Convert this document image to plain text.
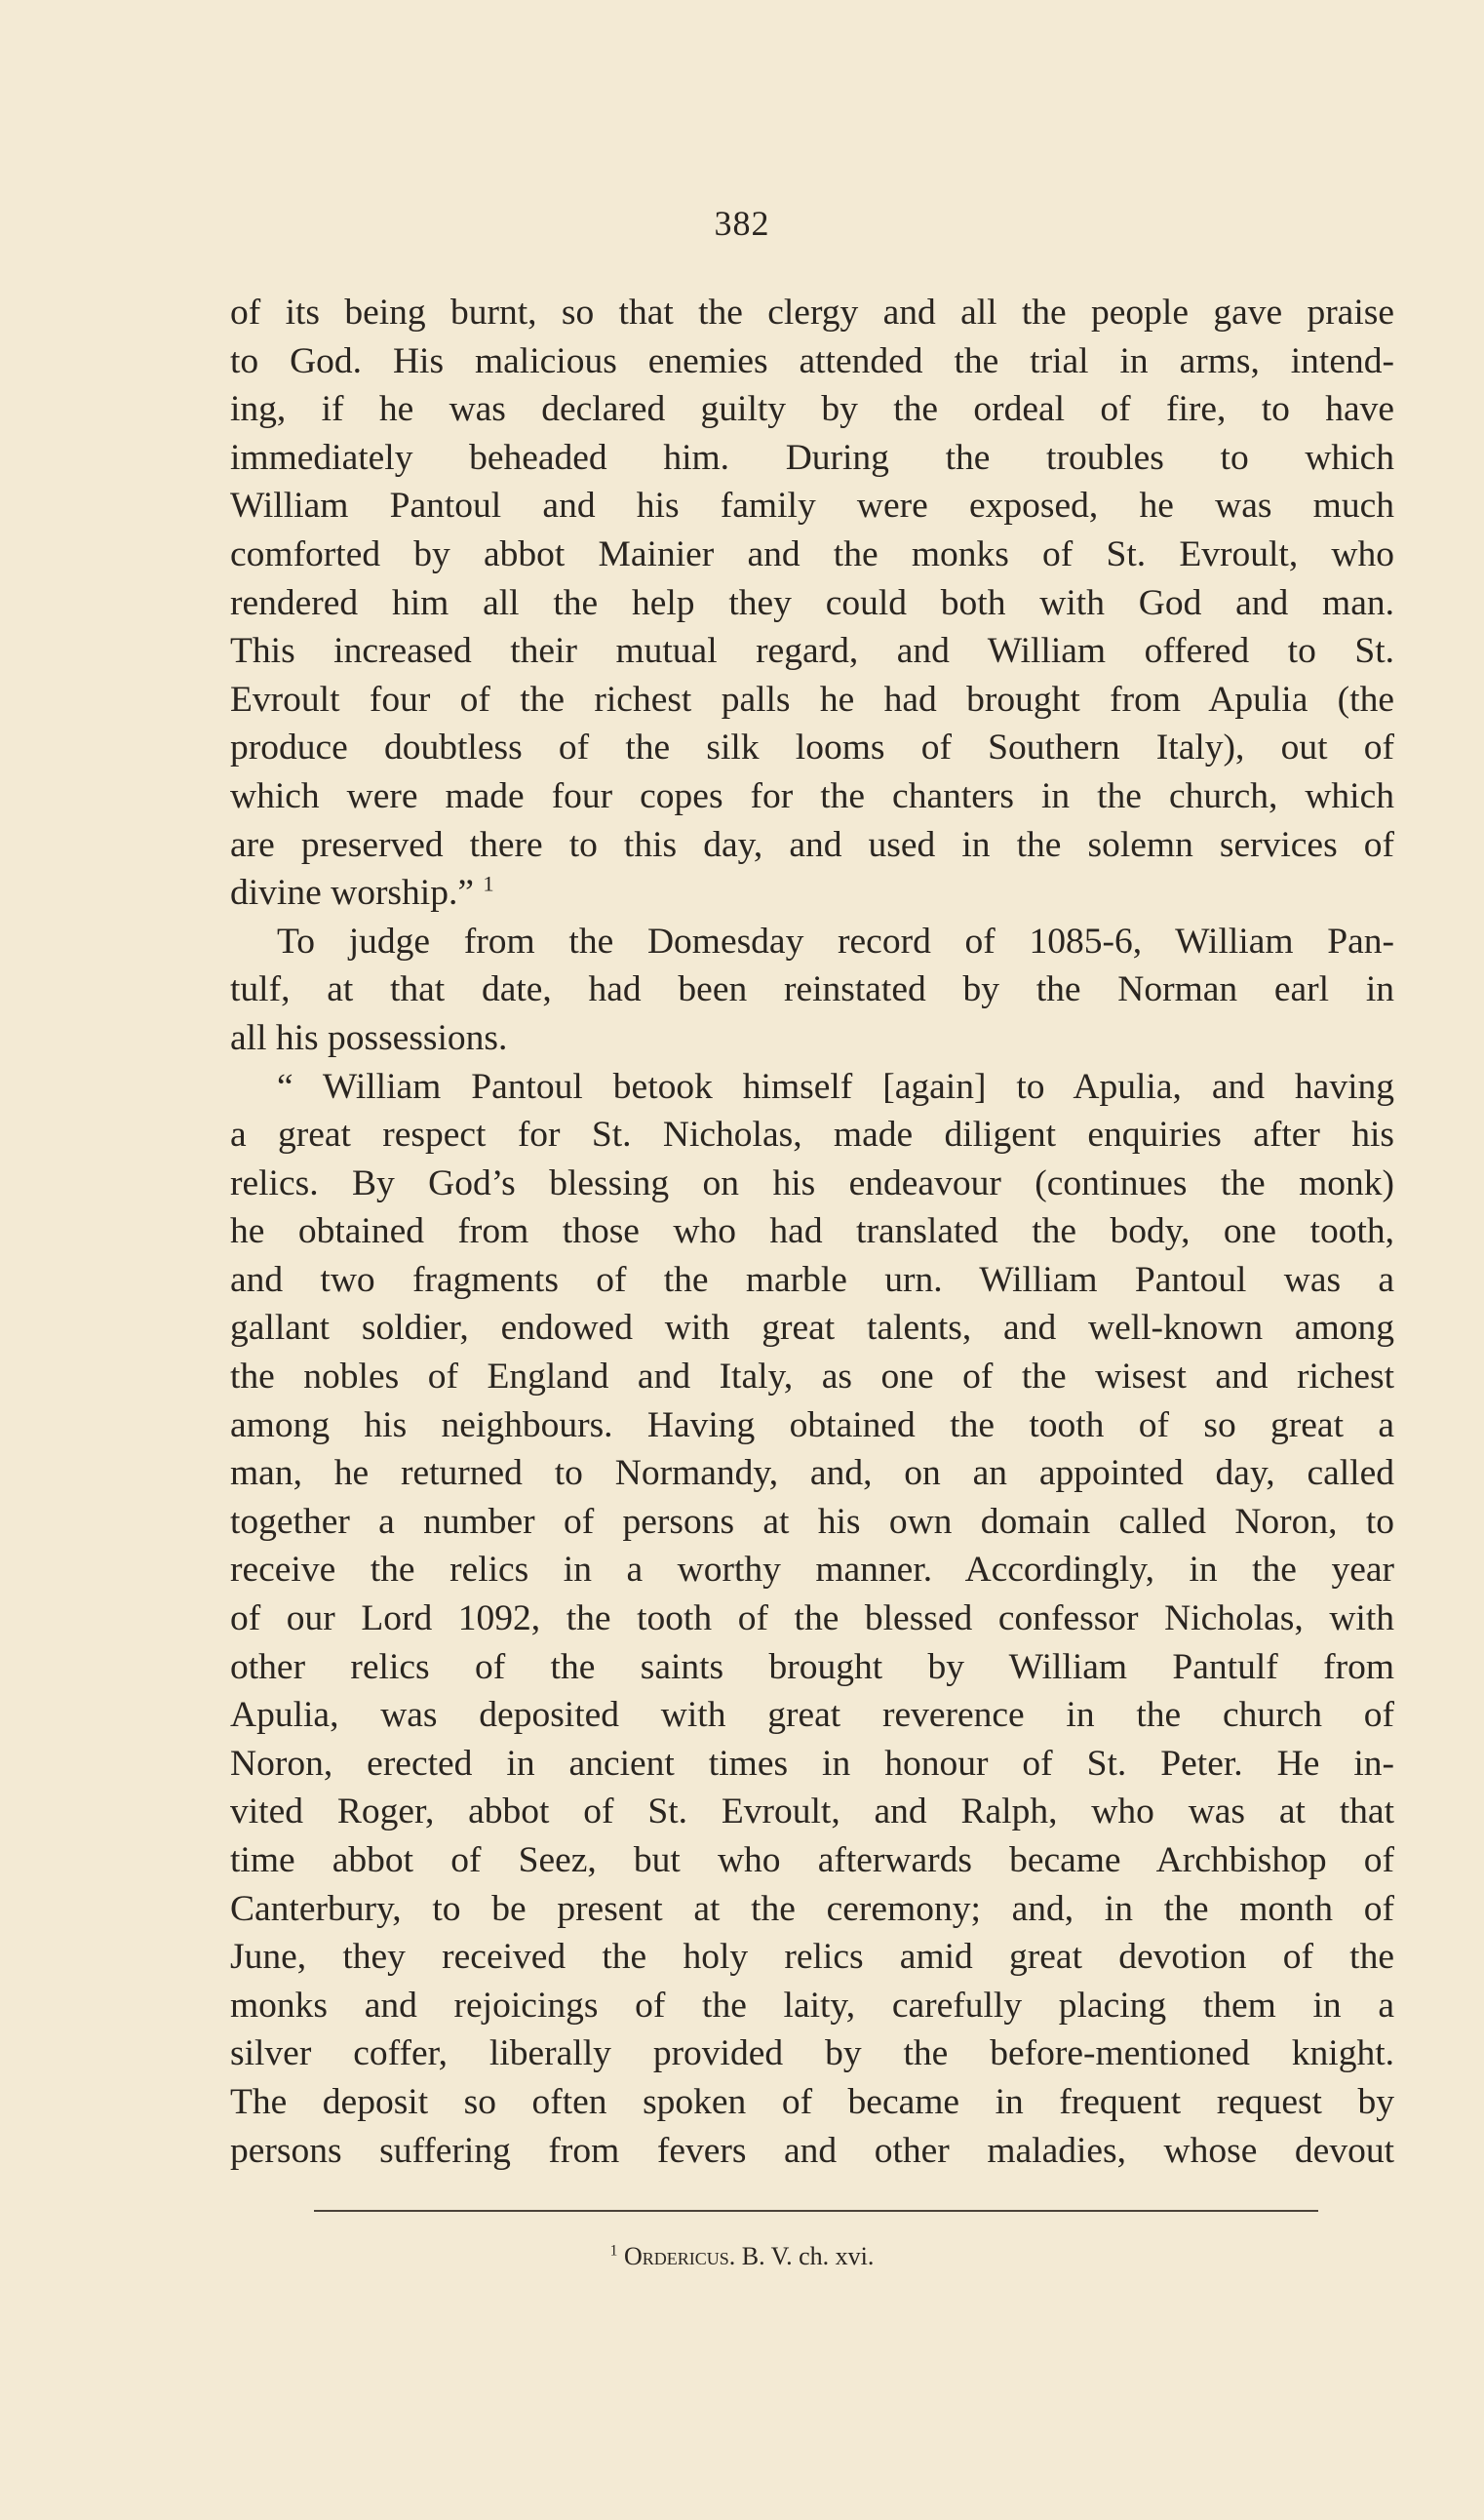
382
of its being burnt, so that the clergy and all the people gave praise
to God. His malicious enemies attended the trial in arms, intend-
ing, if he was declared guilty by the ordeal of fire, to have
immediately beheaded him. During the troubles to which
William Pantoul and his family were exposed, he was much
comforted by abbot Mainier and the monks of St. Evroult, who
rendered him all the help they could both with God and man.
This increased their mutual regard, and William offered to St.
Evroult four of the richest palls he had brought from Apulia (the
produce doubtless of the silk looms of Southern Italy), out of
which were made four copes for the chanters in the church, which
are preserved there to this day, and used in the solemn services of
divine worship.” $^1$
To judge from the Domesday record of 1085-6, William Pan-
tulf, at that date, had been reinstated by the Norman earl in
all his possessions.
“ William Pantoul betook himself [again] to Apulia, and having
a great respect for St. Nicholas, made diligent enquiries after his
relics. By God’s blessing on his endeavour (continues the monk)
he obtained from those who had translated the body, one tooth,
and two fragments of the marble urn. William Pantoul was a
gallant soldier, endowed with great talents, and well-known among
the nobles of England and Italy, as one of the wisest and richest
among his neighbours. Having obtained the tooth of so great a
man, he returned to Normandy, and, on an appointed day, called
together a number of persons at his own domain called Noron, to
receive the relics in a worthy manner. Accordingly, in the year
of our Lord 1092, the tooth of the blessed confessor Nicholas, with
other relics of the saints brought by William Pantulf from
Apulia, was deposited with great reverence in the church of
Noron, erected in ancient times in honour of St. Peter. He in-
vited Roger, abbot of St. Evroult, and Ralph, who was at that
time abbot of Seez, but who afterwards became Archbishop of
Canterbury, to be present at the ceremony; and, in the month of
June, they received the holy relics amid great devotion of the
monks and rejoicings of the laity, carefully placing them in a
silver coffer, liberally provided by the before-mentioned knight.
The deposit so often spoken of became in frequent request by
persons suffering from fevers and other maladies, whose devout
$^1$ Ordericus. B. V. ch. xvi.
